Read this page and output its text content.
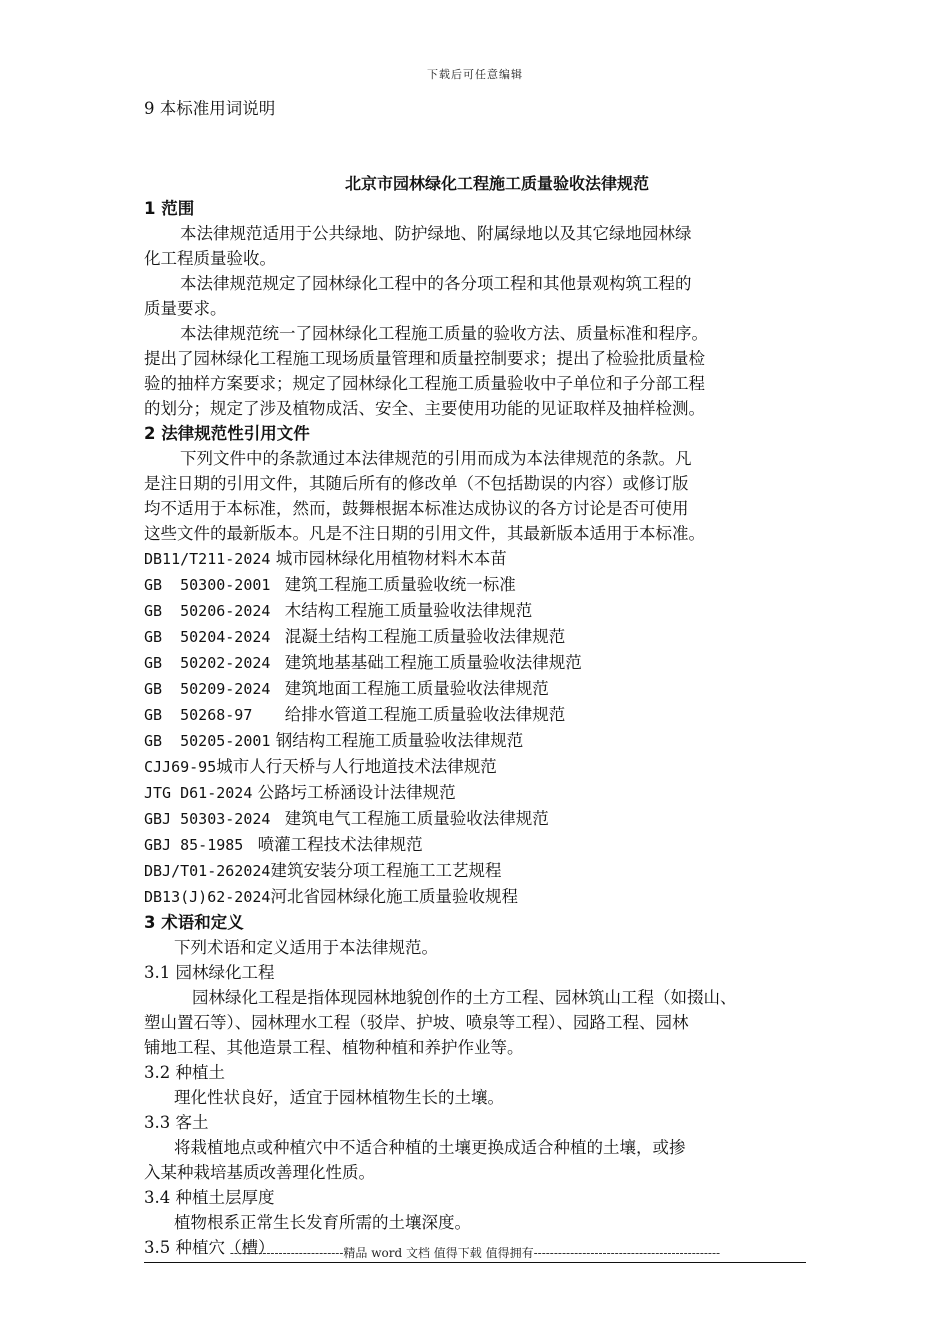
下载后可任意编辑

9 本标准用词说明

北京市园林绿化工程施工质量验收法律规范

1 范围

本法律规范适用于公共绿地、防护绿地、附属绿地以及其它绿地园林绿

化工程质量验收。

本法律规范规定了园林绿化工程中的各分项工程和其他景观构筑工程的

质量要求。

本法律规范统一了园林绿化工程施工质量的验收方法、质量标准和程序。

提出了园林绿化工程施工现场质量管理和质量控制要求；提出了检验批质量检

验的抽样方案要求；规定了园林绿化工程施工质量验收中子单位和子分部工程

的划分；规定了涉及植物成活、安全、主要使用功能的见证取样及抽样检测。

2 法律规范性引用文件

下列文件中的条款通过本法律规范的引用而成为本法律规范的条款。凡

是注日期的引用文件，其随后所有的修改单（不包括勘误的内容）或修订版

均不适用于本标准，然而，鼓舞根据本标准达成协议的各方讨论是否可使用

这些文件的最新版本。凡是不注日期的引用文件，其最新版本适用于本标准。

DB11/T211-2024 城市园林绿化用植物材料木本苗

GB  50300-2001  建筑工程施工质量验收统一标准

GB  50206-2024  木结构工程施工质量验收法律规范

GB  50204-2024  混凝土结构工程施工质量验收法律规范

GB  50202-2024  建筑地基基础工程施工质量验收法律规范

GB  50209-2024  建筑地面工程施工质量验收法律规范

GB  50268-97    给排水管道工程施工质量验收法律规范

GB  50205-2001 钢结构工程施工质量验收法律规范

CJJ69-95城市人行天桥与人行地道技术法律规范

JTG D61-2024 公路圬工桥涵设计法律规范

GBJ 50303-2024  建筑电气工程施工质量验收法律规范

GBJ 85-1985  喷灌工程技术法律规范

DBJ/T01-262024建筑安装分项工程施工工艺规程

DB13(J)62-2024河北省园林绿化施工质量验收规程

3 术语和定义

下列术语和定义适用于本法律规范。

3.1 园林绿化工程

园林绿化工程是指体现园林地貌创作的土方工程、园林筑山工程（如掇山、

塑山置石等）、园林理水工程（驳岸、护坡、喷泉等工程）、园路工程、园林

铺地工程、其他造景工程、植物种植和养护作业等。

3.2 种植土

理化性状良好，适宜于园林植物生长的土壤。

3.3 客土

将栽植地点或种植穴中不适合种植的土壤更换成适合种植的土壤，或掺

入某种栽培基质改善理化性质。

3.4 种植土层厚度

植物根系正常生长发育所需的土壤深度。

3.5 种植穴（槽）

----------------------------精品 word 文档 值得下载 值得拥有----------------------------------------------
